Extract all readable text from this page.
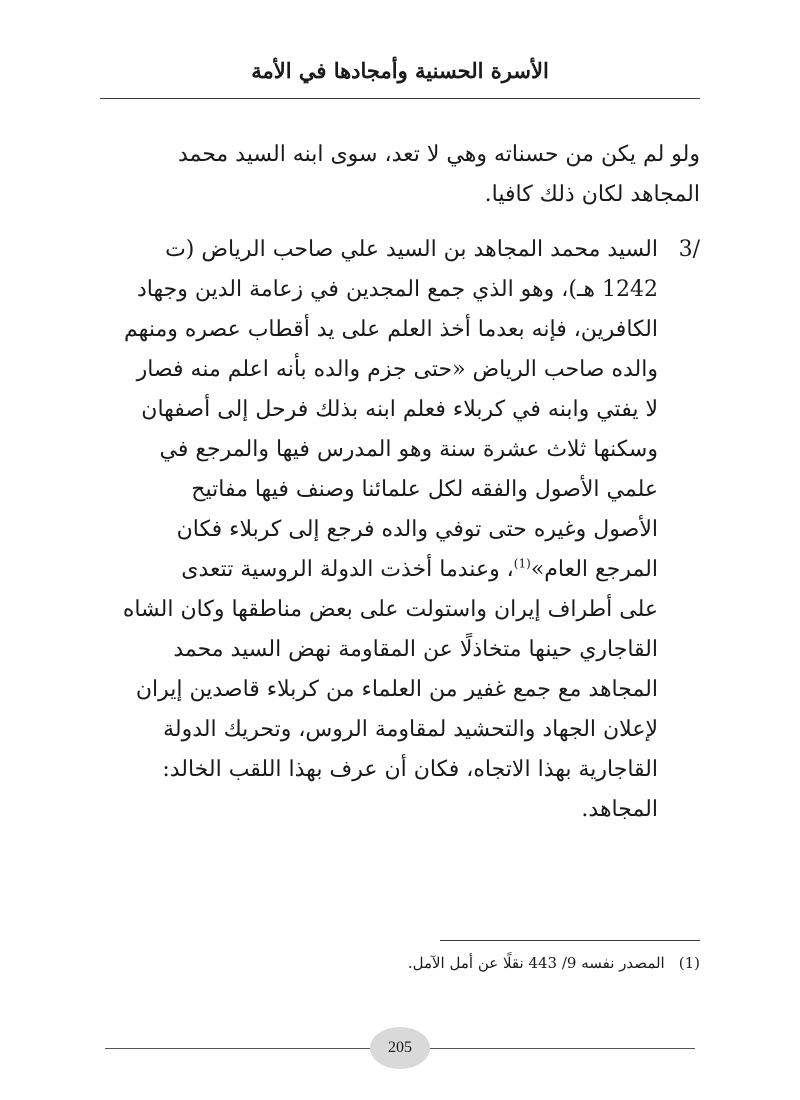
الأسرة الحسنية وأمجادها في الأمة
ولو لم يكن من حسناته وهي لا تعد، سوى ابنه السيد محمد
المجاهد لكان ذلك كافيا.
/3
السيد محمد المجاهد بن السيد علي صاحب الرياض (ت
1242 هـ)، وهو الذي جمع المجدين في زعامة الدين وجهاد
الكافرين، فإنه بعدما أخذ العلم على يد أقطاب عصره ومنهم
والده صاحب الرياض «حتى جزم والده بأنه اعلم منه فصار
لا يفتي وابنه في كربلاء فعلم ابنه بذلك فرحل إلى أصفهان
وسكنها ثلاث عشرة سنة وهو المدرس فيها والمرجع في
علمي الأصول والفقه لكل علمائنا وصنف فيها مفاتيح
الأصول وغيره حتى توفي والده فرجع إلى كربلاء فكان
المرجع العام»$^{(1)}$، وعندما أخذت الدولة الروسية تتعدى
على أطراف إيران واستولت على بعض مناطقها وكان الشاه
القاجاري حينها متخاذلًا عن المقاومة نهض السيد محمد
المجاهد مع جمع غفير من العلماء من كربلاء قاصدين إيران
لإعلان الجهاد والتحشيد لمقاومة الروس، وتحريك الدولة
القاجارية بهذا الاتجاه، فكان أن عرف بهذا اللقب الخالد:
المجاهد.
(1)المصدر نفسه 9/ 443 نقلًا عن أمل الآمل.
205
